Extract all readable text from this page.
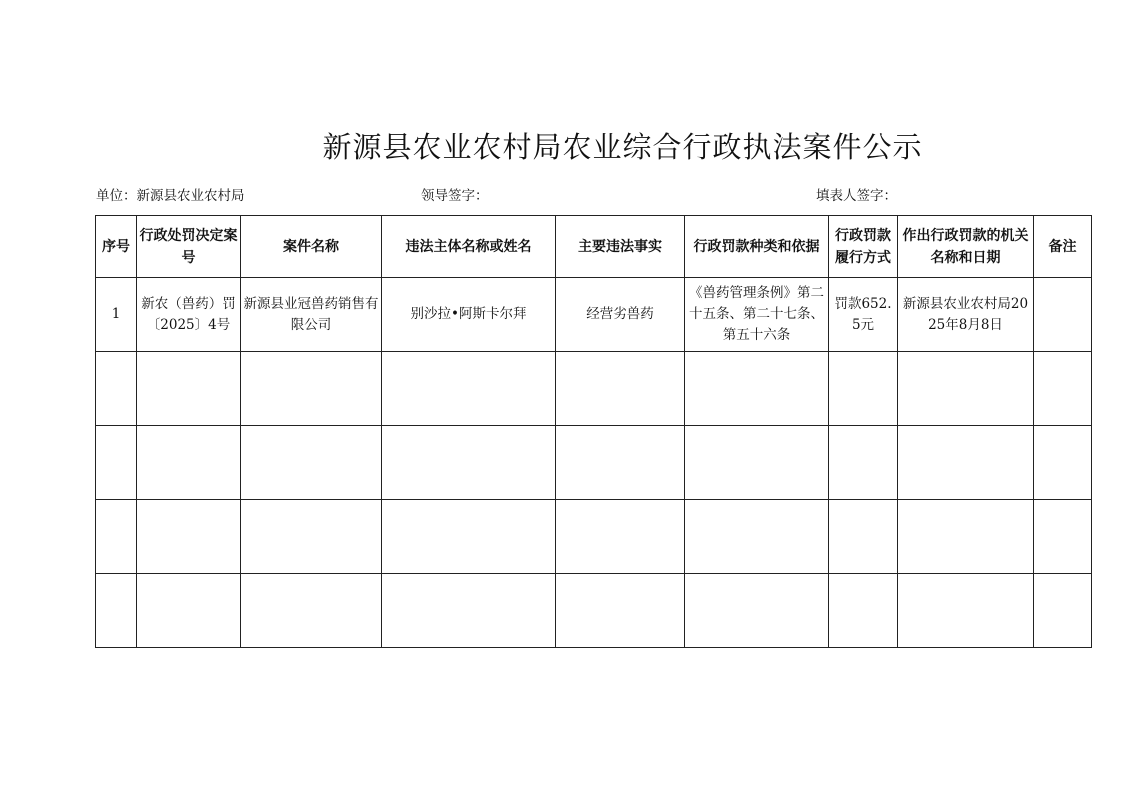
新源县农业农村局农业综合行政执法案件公示
单位：新源县农业农村局	领导签字：	填表人签字：
序号	行政处罚决定案号	案件名称	违法主体名称或姓名	主要违法事实	行政罚款种类和依据	行政罚款履行方式	作出行政罚款的机关名称和日期	备注
1	新农（兽药）罚〔2025〕4号	新源县业冠兽药销售有限公司	别沙拉•阿斯卡尔拜	经营劣兽药	《兽药管理条例》第二十五条、第二十七条、第五十六条	罚款652.5元	新源县农业农村局2025年8月8日	
